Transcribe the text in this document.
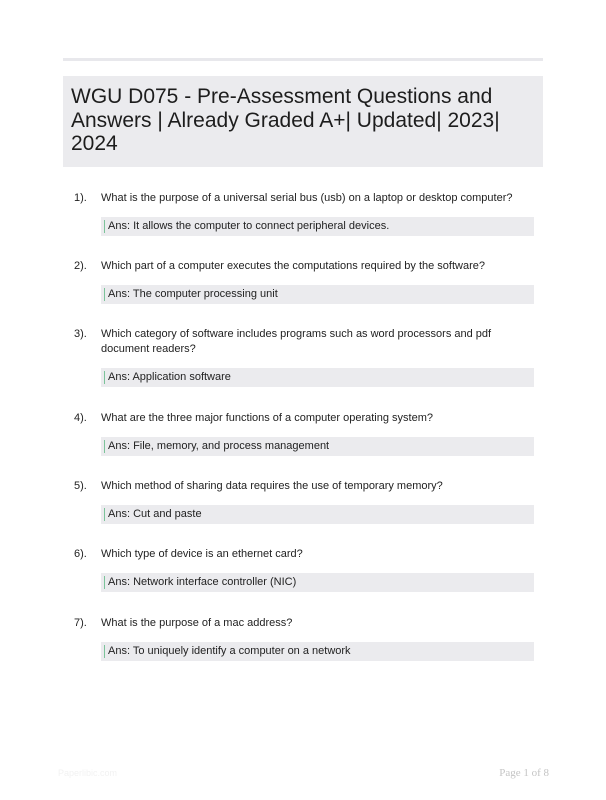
WGU D075 - Pre-Assessment Questions and Answers | Already Graded A+| Updated| 2023| 2024
1).	What is the purpose of a universal serial bus (usb) on a laptop or desktop computer?
Ans: It allows the computer to connect peripheral devices.
2).	Which part of a computer executes the computations required by the software?
Ans: The computer processing unit
3).	Which category of software includes programs such as word processors and pdf document readers?
Ans: Application software
4).	What are the three major functions of a computer operating system?
Ans: File, memory, and process management
5).	Which method of sharing data requires the use of temporary memory?
Ans: Cut and paste
6).	Which type of device is an ethernet card?
Ans: Network interface controller (NIC)
7).	What is the purpose of a mac address?
Ans: To uniquely identify a computer on a network
Paperlibic.com	Page 1 of 8
